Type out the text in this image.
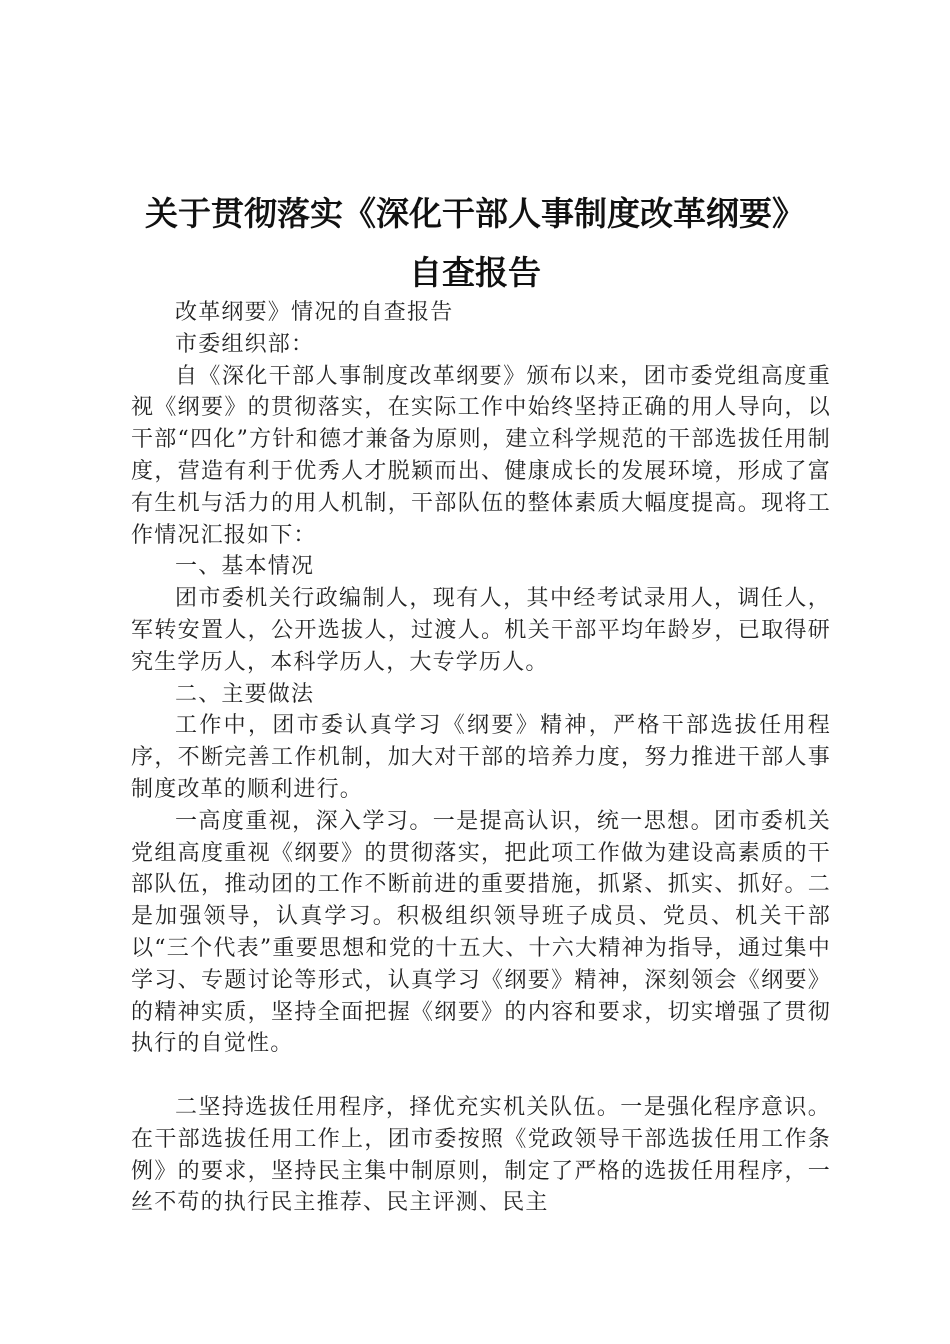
关于贯彻落实《深化干部人事制度改革纲要》
自查报告

改革纲要》情况的自查报告

市委组织部：

自《深化干部人事制度改革纲要》颁布以来，团市委党组高度重视《纲要》的贯彻落实，在实际工作中始终坚持正确的用人导向，以干部“四化”方针和德才兼备为原则，建立科学规范的干部选拔任用制度，营造有利于优秀人才脱颖而出、健康成长的发展环境，形成了富有生机与活力的用人机制，干部队伍的整体素质大幅度提高。现将工作情况汇报如下：

一、基本情况

团市委机关行政编制人，现有人，其中经考试录用人，调任人，军转安置人，公开选拔人，过渡人。机关干部平均年龄岁，已取得研究生学历人，本科学历人，大专学历人。

二、主要做法

工作中，团市委认真学习《纲要》精神，严格干部选拔任用程序，不断完善工作机制，加大对干部的培养力度，努力推进干部人事制度改革的顺利进行。

一高度重视，深入学习。一是提高认识，统一思想。团市委机关党组高度重视《纲要》的贯彻落实，把此项工作做为建设高素质的干部队伍，推动团的工作不断前进的重要措施，抓紧、抓实、抓好。二是加强领导，认真学习。积极组织领导班子成员、党员、机关干部以“三个代表”重要思想和党的十五大、十六大精神为指导，通过集中学习、专题讨论等形式，认真学习《纲要》精神，深刻领会《纲要》的精神实质，坚持全面把握《纲要》的内容和要求，切实增强了贯彻执行的自觉性。

二坚持选拔任用程序，择优充实机关队伍。一是强化程序意识。在干部选拔任用工作上，团市委按照《党政领导干部选拔任用工作条例》的要求，坚持民主集中制原则，制定了严格的选拔任用程序，一丝不苟的执行民主推荐、民主评测、民主
